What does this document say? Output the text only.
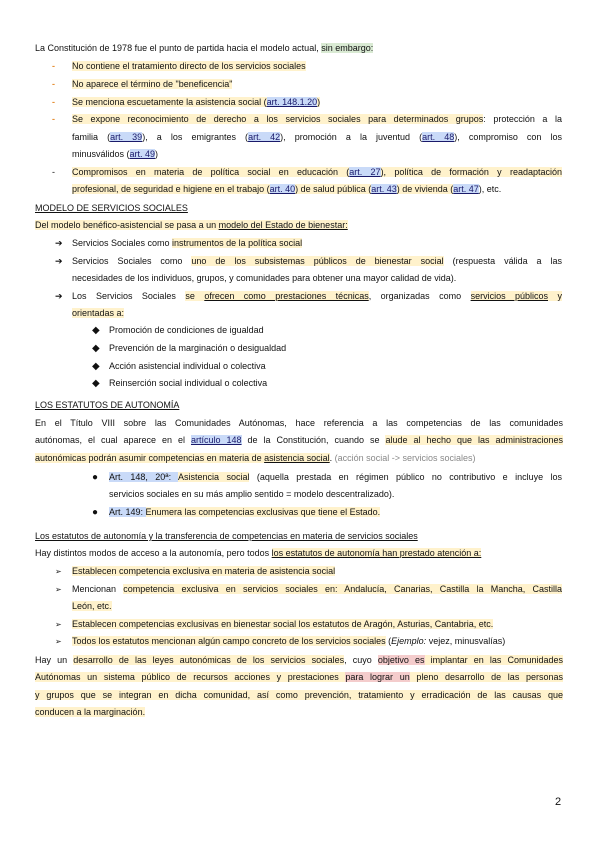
La Constitución de 1978 fue el punto de partida hacia el modelo actual, sin embargo:
- No contiene el tratamiento directo de los servicios sociales
- No aparece el término de "beneficencia"
- Se menciona escuetamente la asistencia social (art. 148.1.20)
- Se expone reconocimiento de derecho a los servicios sociales para determinados grupos: protección a la
familia (art. 39), a los emigrantes (art. 42), promoción a la juventud (art. 48), compromiso con los
minusválidos (art. 49)
- Compromisos en materia de política social en educación (art. 27), política de formación y readaptación
profesional, de seguridad e higiene en el trabajo (art. 40) de salud pública (art. 43) de vivienda (art. 47), etc.
MODELO DE SERVICIOS SOCIALES
Del modelo benéfico-asistencial se pasa a un modelo del Estado de bienestar:
➔ Servicios Sociales como instrumentos de la política social
➔ Servicios Sociales como uno de los subsistemas públicos de bienestar social (respuesta válida a las
necesidades de los individuos, grupos, y comunidades para obtener una mayor calidad de vida).
➔ Los Servicios Sociales se ofrecen como prestaciones técnicas, organizadas como servicios públicos y
orientadas a:
◆ Promoción de condiciones de igualdad
◆ Prevención de la marginación o desigualdad
◆ Acción asistencial individual o colectiva
◆ Reinserción social individual o colectiva
LOS ESTATUTOS DE AUTONOMÍA
En el Título VIII sobre las Comunidades Autónomas, hace referencia a las competencias de las comunidades
autónomas, el cual aparece en el artículo 148 de la Constitución, cuando se alude al hecho que las administraciones
autonómicas podrán asumir competencias en materia de asistencia social. (acción social -> servicios sociales)
● Art. 148, 20ª: Asistencia social (aquella prestada en régimen público no contributivo e incluye los
servicios sociales en su más amplio sentido = modelo descentralizado).
● Art. 149: Enumera las competencias exclusivas que tiene el Estado.
Los estatutos de autonomía y la transferencia de competencias en materia de servicios sociales
Hay distintos modos de acceso a la autonomía, pero todos los estatutos de autonomía han prestado atención a:
➢ Establecen competencia exclusiva en materia de asistencia social
➢ Mencionan competencia exclusiva en servicios sociales en: Andalucía, Canarias, Castilla la Mancha, Castilla
León, etc.
➢ Establecen competencias exclusivas en bienestar social los estatutos de Aragón, Asturias, Cantabria, etc.
➢ Todos los estatutos mencionan algún campo concreto de los servicios sociales (Ejemplo: vejez, minusvalías)
Hay un desarrollo de las leyes autonómicas de los servicios sociales, cuyo objetivo es implantar en las Comunidades
Autónomas un sistema público de recursos acciones y prestaciones para lograr un pleno desarrollo de las personas
y grupos que se integran en dicha comunidad, así como prevención, tratamiento y erradicación de las causas que
conducen a la marginación.
2
